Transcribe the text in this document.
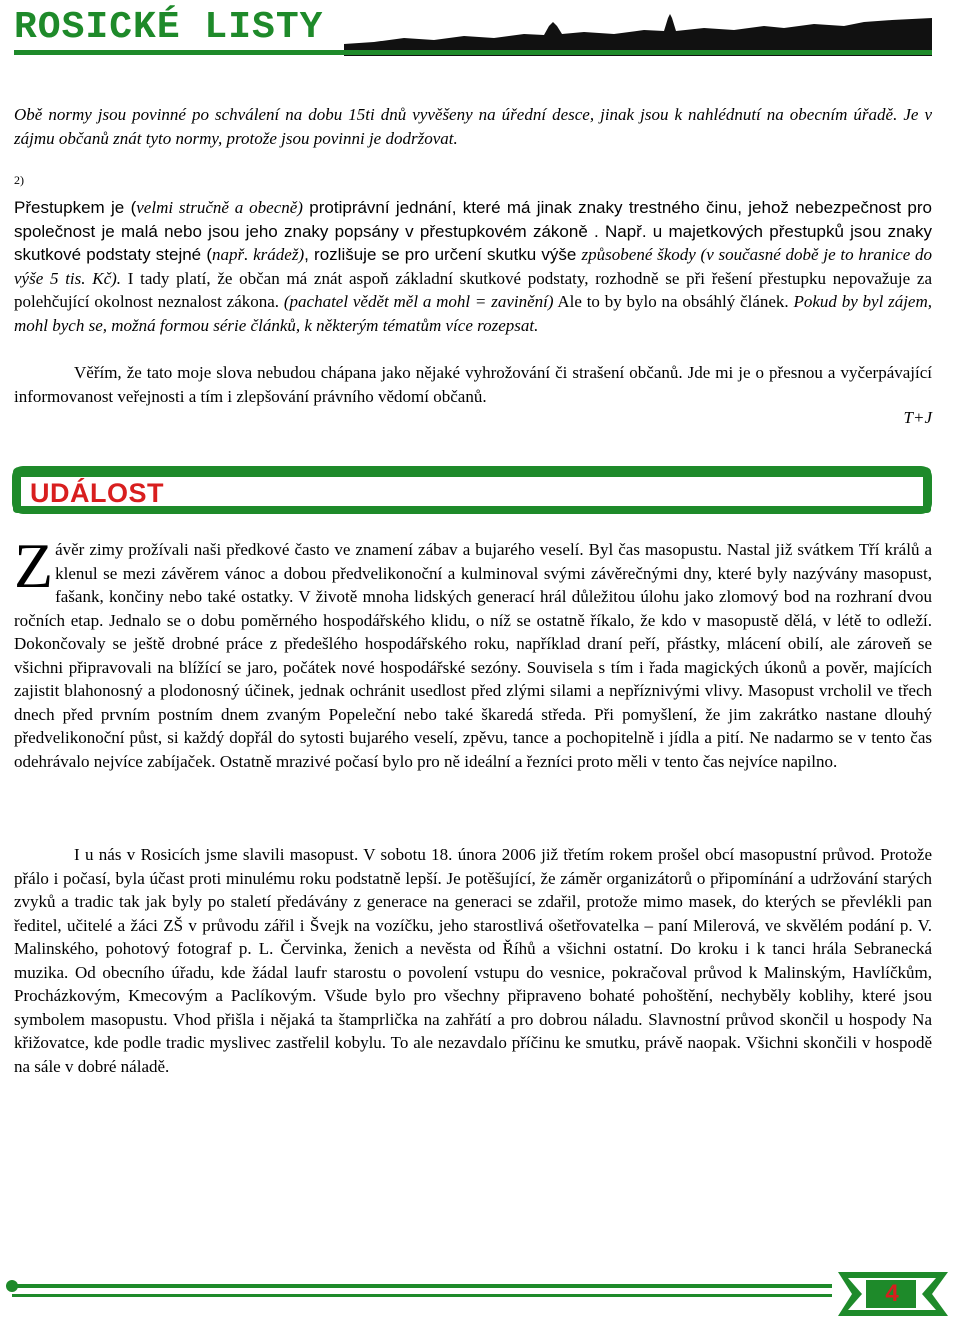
ROSICKÉ LISTY

Obě normy jsou povinné po schválení na dobu 15ti dnů vyvěšeny na úřední desce, jinak jsou k nahlédnutí na obecním úřadě. Je v zájmu občanů znát tyto normy, protože jsou povinni je dodržovat.

2)

Přestupkem je (velmi stručně a obecně) protiprávní jednání, které má jinak znaky trestného činu, jehož nebezpečnost pro společnost je malá nebo jsou jeho znaky popsány v přestupkovém zákoně . Např. u majetkových přestupků jsou znaky skutkové podstaty stejné (např. krádež), rozlišuje se pro určení skutku výše způsobené škody (v současné době je to hranice do výše 5 tis. Kč). I tady platí, že občan má znát aspoň základní skutkové podstaty, rozhodně se při řešení přestupku nepovažuje za polehčující okolnost neznalost zákona. (pachatel vědět měl a mohl = zavinění) Ale to by bylo na obsáhlý článek. Pokud by byl zájem, mohl bych se, možná formou série článků, k některým tématům více rozepsat.

Věřím, že tato moje slova nebudou chápana jako nějaké vyhrožování či strašení občanů. Jde mi je o přesnou a vyčerpávající informovanost veřejnosti a tím i zlepšování právního vědomí občanů.

T+J
UDÁLOST

Závěr zimy prožívali naši předkové často ve znamení zábav a bujarého veselí. Byl čas masopustu. Nastal již svátkem Tří králů a klenul se mezi závěrem vánoc a dobou předvelikonoční a kulminoval svými závěrečnými dny, které byly nazývány masopust, fašank, končiny nebo také ostatky. V životě mnoha lidských generací hrál důležitou úlohu jako zlomový bod na rozhraní dvou ročních etap. Jednalo se o dobu poměrného hospodářského klidu, o níž se ostatně říkalo, že kdo v masopustě dělá, v létě to odleží. Dokončovaly se ještě drobné práce z předešlého hospodářského roku, například draní peří, přástky, mlácení obilí, ale zároveň se všichni připravovali na blížící se jaro, počátek nové hospodářské sezóny. Souvisela s tím i řada magických úkonů a pověr, majících zajistit blahonosný a plodonosný účinek, jednak ochránit usedlost před zlými silami a nepříznivými vlivy. Masopust vrcholil ve třech dnech před prvním postním dnem zvaným Popeleční nebo také škaredá středa. Při pomyšlení, že jim zakrátko nastane dlouhý předvelikonoční půst, si každý dopřál do sytosti bujarého veselí, zpěvu, tance a pochopitelně i jídla a pití. Ne nadarmo se v tento čas odehrávalo nejvíce zabíjaček. Ostatně mrazivé počasí bylo pro ně ideální a řezníci proto měli v tento čas nejvíce napilno.

I u nás v Rosicích jsme slavili masopust. V sobotu 18. února 2006 již třetím rokem prošel obcí masopustní průvod. Protože přálo i počasí, byla účast proti minulému roku podstatně lepší. Je potěšující, že záměr organizátorů o připomínání a udržování starých zvyků a tradic tak jak byly po staletí předávány z generace na generaci se zdařil, protože mimo masek, do kterých se převlékli pan ředitel, učitelé a žáci ZŠ v průvodu zářil i Švejk na vozíčku, jeho starostlivá ošetřovatelka – paní Milerová, ve skvělém podání p. V. Malinského, pohotový fotograf p. L. Červinka, ženich a nevěsta od Říhů a všichni ostatní. Do kroku i k tanci hrála Sebranecká muzika. Od obecního úřadu, kde žádal laufr starostu o povolení vstupu do vesnice, pokračoval průvod k Malinským, Havlíčkům, Procházkovým, Kmecovým a Paclíkovým. Všude bylo pro všechny připraveno bohaté pohoštění, nechyběly koblihy, které jsou symbolem masopustu. Vhod přišla i nějaká ta štamprlička na zahřátí a pro dobrou náladu. Slavnostní průvod skončil u hospody Na křižovatce, kde podle tradic myslivec zastřelil kobylu. To ale nezavdalo příčinu ke smutku, právě naopak. Všichni skončili v hospodě na sále v dobré náladě.

4
